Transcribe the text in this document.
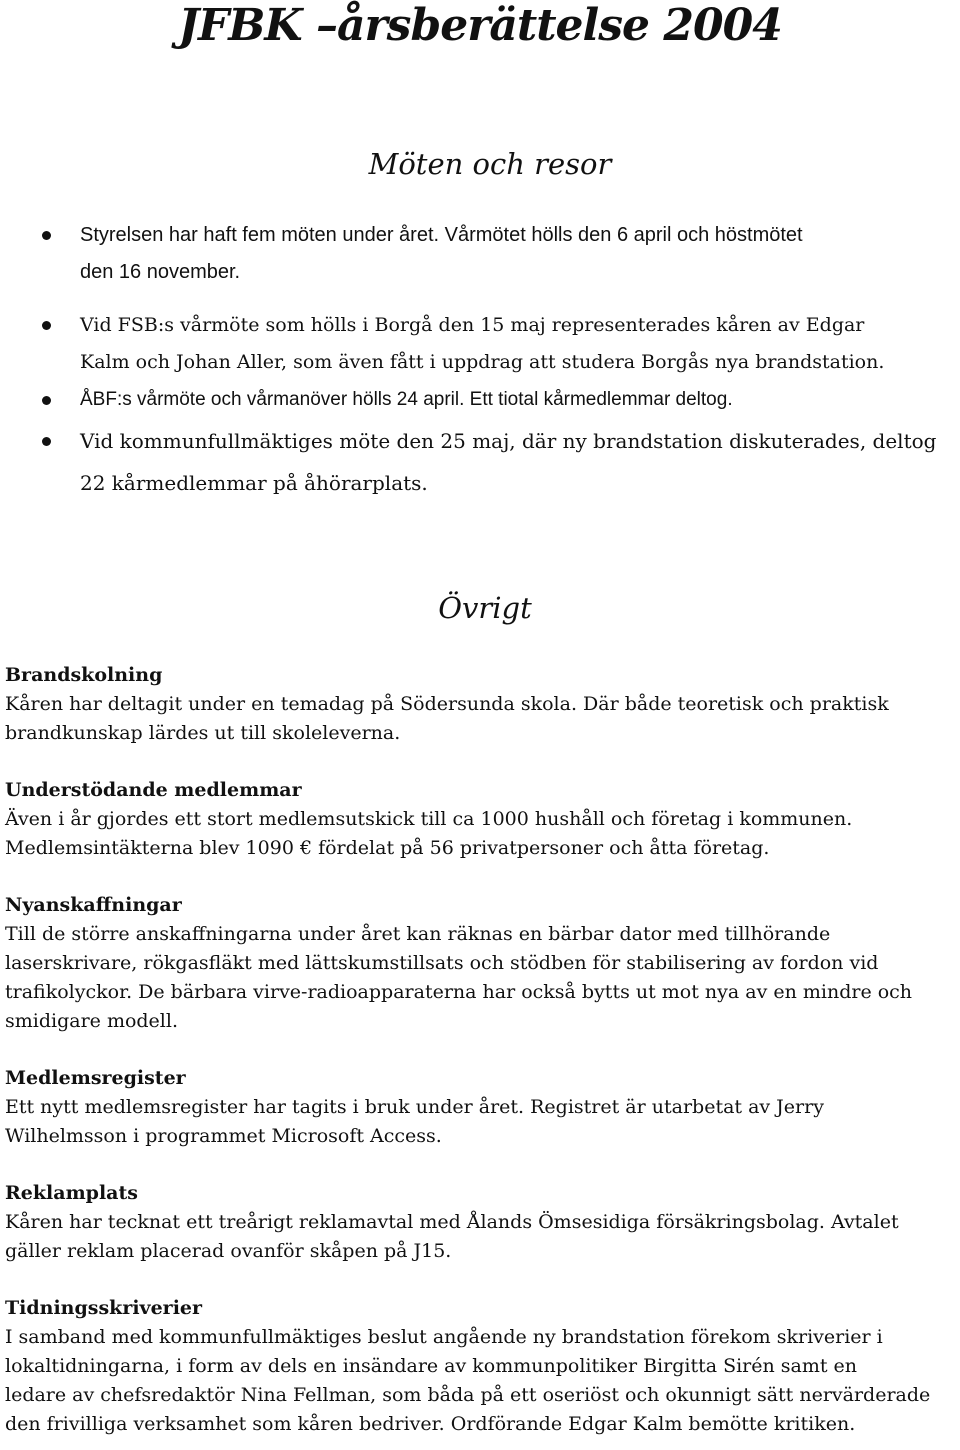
JFBK –årsberättelse 2004
Möten och resor
Styrelsen har haft fem möten under året. Vårmötet hölls den 6 april och höstmötet
den 16 november.
Vid FSB:s vårmöte som hölls i Borgå den 15 maj representerades kåren av Edgar
Kalm och Johan Aller, som även fått i uppdrag att studera Borgås nya brandstation.
ÅBF:s vårmöte och vårmanöver hölls 24 april. Ett tiotal kårmedlemmar deltog.
Vid kommunfullmäktiges möte den 25 maj, där ny brandstation diskuterades, deltog
22 kårmedlemmar på åhörarplats.
Övrigt
Brandskolning
Kåren har deltagit under en temadag på Södersunda skola. Där både teoretisk och praktisk
brandkunskap lärdes ut till skoleleverna.
Understödande medlemmar
Även i år gjordes ett stort medlemsutskick till ca 1000 hushåll och företag i kommunen.
Medlemsintäkterna blev 1090 € fördelat på 56 privatpersoner och åtta företag.
Nyanskaffningar
Till de större anskaffningarna under året kan räknas en bärbar dator med tillhörande
laserskrivare, rökgasfläkt med lättskumstillsats och stödben för stabilisering av fordon vid
trafikolyckor. De bärbara virve-radioapparaterna har också bytts ut mot nya av en mindre och
smidigare modell.
Medlemsregister
Ett nytt medlemsregister har tagits i bruk under året. Registret är utarbetat av Jerry
Wilhelmsson i programmet Microsoft Access.
Reklamplats
Kåren har tecknat ett treårigt reklamavtal med Ålands Ömsesidiga försäkringsbolag. Avtalet
gäller reklam placerad ovanför skåpen på J15.
Tidningsskriverier
I samband med kommunfullmäktiges beslut angående ny brandstation förekom skriverier i
lokaltidningarna, i form av dels en insändare av kommunpolitiker Birgitta Sirén samt en
ledare av chefsredaktör Nina Fellman, som båda på ett oseriöst och okunnigt sätt nervärderade
den frivilliga verksamhet som kåren bedriver. Ordförande Edgar Kalm bemötte kritiken.
